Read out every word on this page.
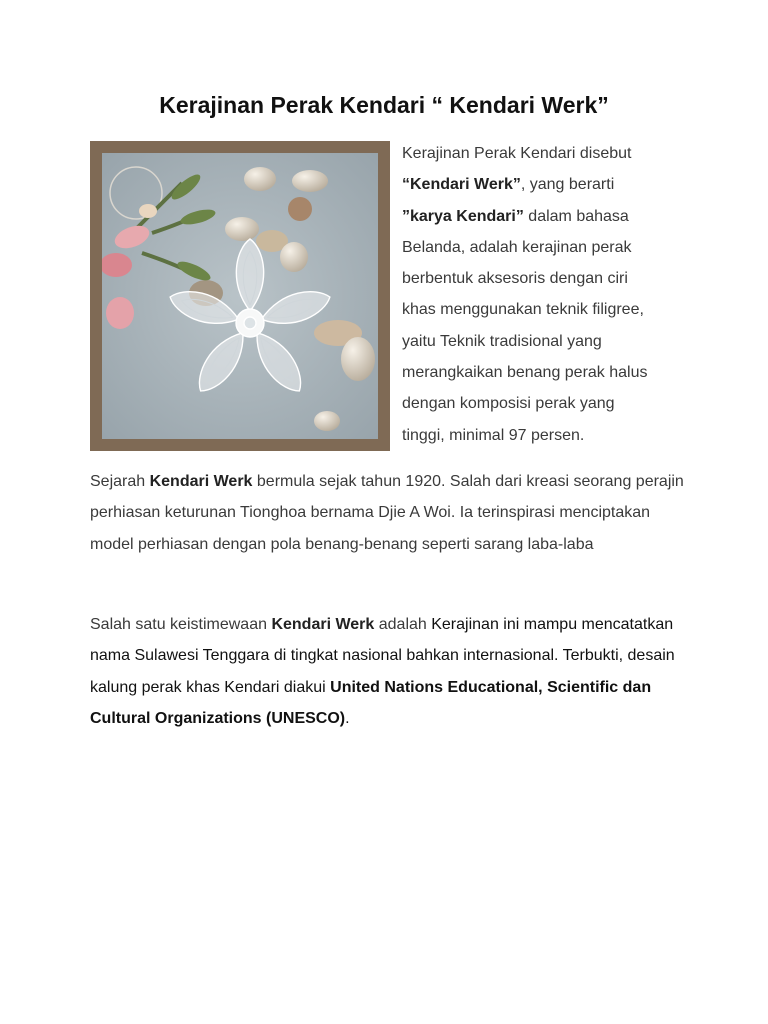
Kerajinan Perak Kendari “ Kendari Werk”

Kerajinan Perak Kendari disebut
“Kendari Werk”, yang berarti
”karya Kendari” dalam bahasa
Belanda, adalah kerajinan perak
berbentuk aksesoris dengan ciri
khas menggunakan teknik filigree,
yaitu Teknik tradisional yang
merangkaikan benang perak halus
dengan komposisi perak yang
tinggi, minimal 97 persen.

Sejarah Kendari Werk bermula sejak tahun 1920. Salah dari kreasi seorang perajin perhiasan keturunan Tionghoa bernama Djie A Woi. Ia terinspirasi menciptakan model perhiasan dengan pola benang-benang seperti sarang laba-laba

Salah satu keistimewaan Kendari Werk adalah Kerajinan ini mampu mencatatkan nama Sulawesi Tenggara di tingkat nasional bahkan internasional. Terbukti, desain kalung perak khas Kendari diakui United Nations Educational, Scientific dan Cultural Organizations (UNESCO).
